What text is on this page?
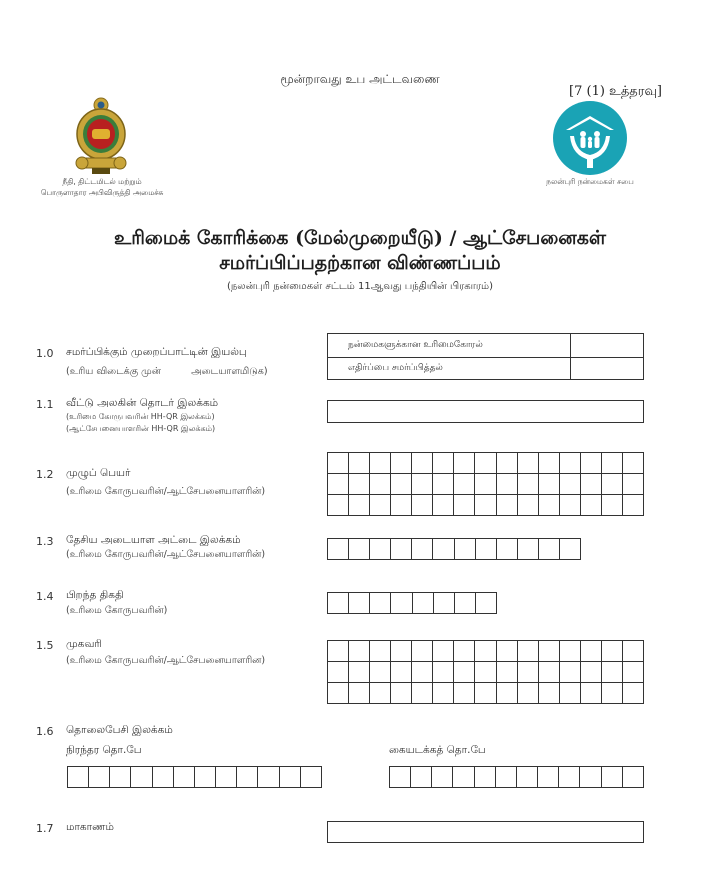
மூன்றாவது உப அட்டவணை
[7 (1) உத்தரவு]
நீதி, திட்டமிடல் மற்றும்
பொருளாதார அபிவிருத்தி அமைச்சு
நலன்புரி நன்மைகள் சபை
உரிமைக் கோரிக்கை (மேல்முறையீடு) / ஆட்சேபனைகள்
சமர்ப்பிப்பதற்கான விண்ணப்பம்
(நலன்புரி நன்மைகள் சட்டம் 11ஆவது பந்தியின் பிரகாரம்)
1.0 சமர்ப்பிக்கும் முறைப்பாட்டின் இயல்பு
(உரிய விடைக்கு முன்          அடையாளமிடுக)
நன்மைகளுக்கான உரிமைகோரல்
எதிர்ப்பை சமர்ப்பித்தல்
1.1 வீட்டு அலகின் தொடர் இலக்கம்
(உரிமை கோருபவரின் HH-QR இலக்கம்)
(ஆட்சேபனையாளரின் HH-QR இலக்கம்)
1.2 முழுப் பெயர்
(உரிமை கோருபவரின்/ஆட்சேபனையாளரின்)
1.3 தேசிய அடையாள அட்டை இலக்கம்
(உரிமை கோருபவரின்/ஆட்சேபனையாளரின்)
1.4 பிறந்த திகதி
(உரிமை கோருபவரின்)
1.5 முகவரி
(உரிமை கோருபவரின்/ஆட்சேபனையாளரின)
1.6 தொலைபேசி இலக்கம்
நிரந்தர தொ.பே	கையடக்கத் தொ.பே
1.7 மாகாணம்
